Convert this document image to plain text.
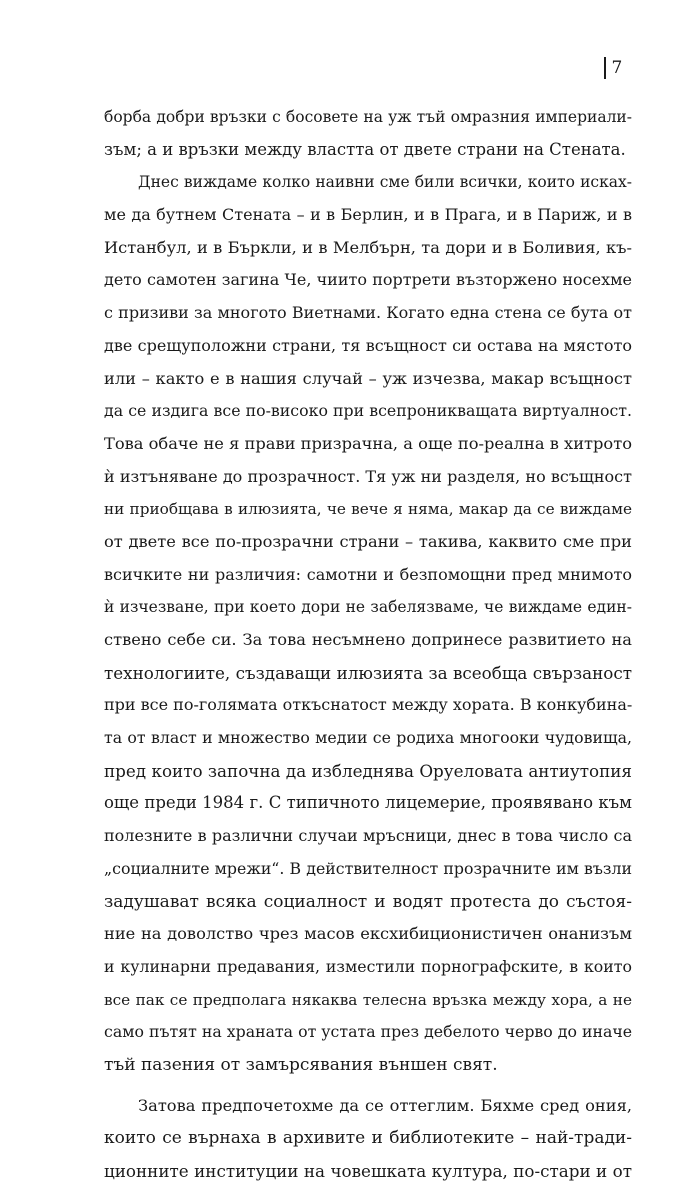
7
борба добри връзки с босовете на уж тъй омразния империали-
зъм; а и връзки между властта от двете страни на Стената.
Днес виждаме колко наивни сме били всички, които исках-
ме да бутнем Стената – и в Берлин, и в Прага, и в Париж, и в
Истанбул, и в Бъркли, и в Мелбърн, та дори и в Боливия, къ-
дето самотен загина Че, чиито портрети възторжено носехме
с призиви за многото Виетнами. Когато една стена се бута от
две срещуположни страни, тя всъщност си остава на мястото
или – както е в нашия случай – уж изчезва, макар всъщност
да се издига все по-високо при всепроникващата виртуалност.
Това обаче не я прави призрачна, а още по-реална в хитрото
ѝ изтъняване до прозрачност. Тя уж ни разделя, но всъщност
ни приобщава в илюзията, че вече я няма, макар да се виждаме
от двете все по-прозрачни страни – такива, каквито сме при
всичките ни различия: самотни и безпомощни пред мнимото
ѝ изчезване, при което дори не забелязваме, че виждаме един-
ствено себе си. За това несъмнено допринесе развитието на
технологиите, създаващи илюзията за всеобща свързаност
при все по-голямата откъснатост между хората. В конкубина-
та от власт и множество медии се родиха многооки чудовища,
пред които започна да избледнява Оруеловата антиутопия
още преди 1984 г. С типичното лицемерие, проявявано към
полезните в различни случаи мръсници, днес в това число са
„социалните мрежи“. В действителност прозрачните им възли
задушават всяка социалност и водят протеста до състоя-
ние на доволство чрез масов ексхибиционистичен онанизъм
и кулинарни предавания, изместили порнографските, в които
все пак се предполага някаква телесна връзка между хора, а не
само пътят на храната от устата през дебелото черво до иначе
тъй пазения от замърсявания външен свят.
Затова предпочетохме да се оттеглим. Бяхме сред ония,
които се върнаха в архивите и библиотеките – най-тради-
ционните институции на човешката култура, по-стари и от
